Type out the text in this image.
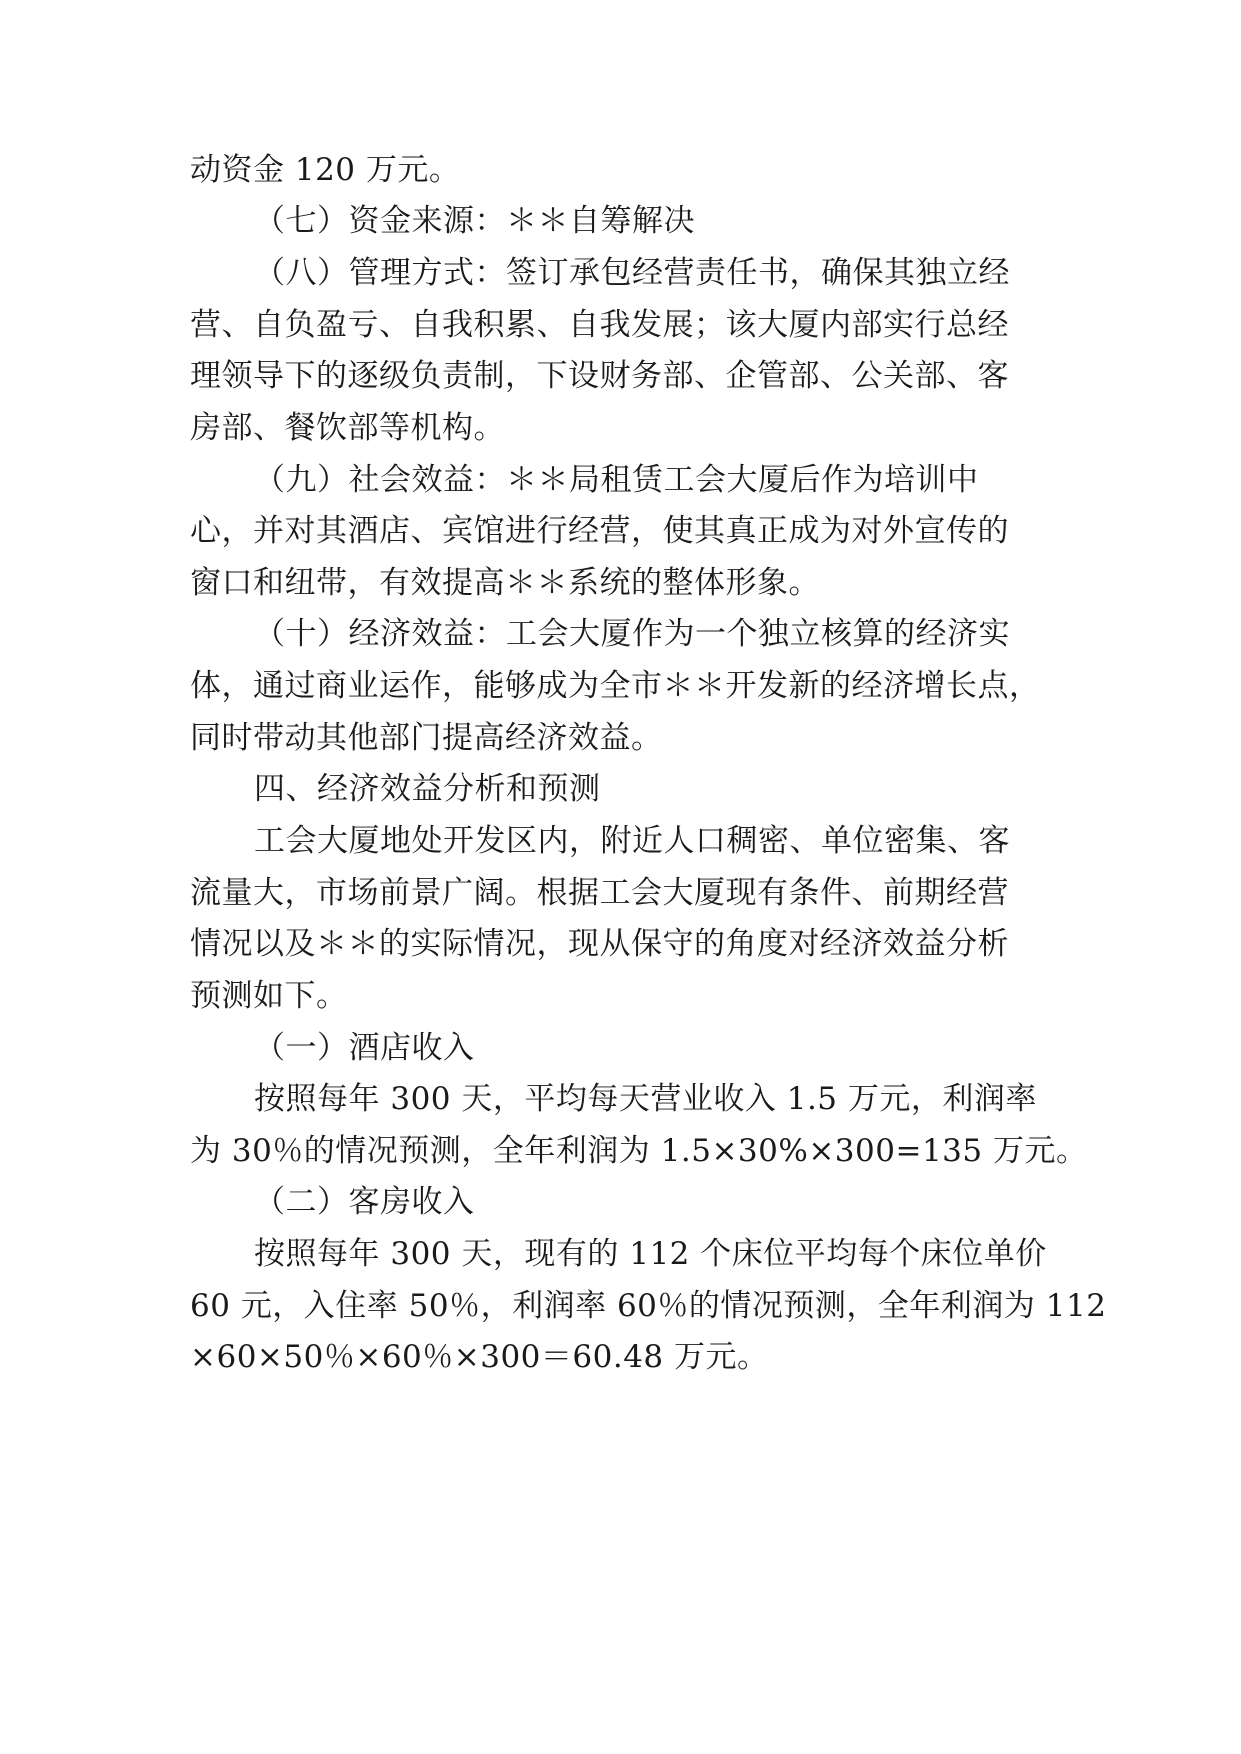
动资金 120 万元。
（七）资金来源：＊＊自筹解决
（八）管理方式：签订承包经营责任书，确保其独立经
营、自负盈亏、自我积累、自我发展；该大厦内部实行总经
理领导下的逐级负责制，下设财务部、企管部、公关部、客
房部、餐饮部等机构。
（九）社会效益：＊＊局租赁工会大厦后作为培训中
心，并对其酒店、宾馆进行经营，使其真正成为对外宣传的
窗口和纽带，有效提高＊＊系统的整体形象。
（十）经济效益：工会大厦作为一个独立核算的经济实
体，通过商业运作，能够成为全市＊＊开发新的经济增长点，
同时带动其他部门提高经济效益。
四、经济效益分析和预测
工会大厦地处开发区内，附近人口稠密、单位密集、客
流量大，市场前景广阔。根据工会大厦现有条件、前期经营
情况以及＊＊的实际情况，现从保守的角度对经济效益分析
预测如下。
（一）酒店收入
按照每年 300 天，平均每天营业收入 1.5 万元，利润率
为 30％的情况预测，全年利润为 1.5×30%×300=135 万元。
（二）客房收入
按照每年 300 天，现有的 112 个床位平均每个床位单价
60 元，入住率 50％，利润率 60％的情况预测，全年利润为 112
×60×50％×60％×300＝60.48 万元。
